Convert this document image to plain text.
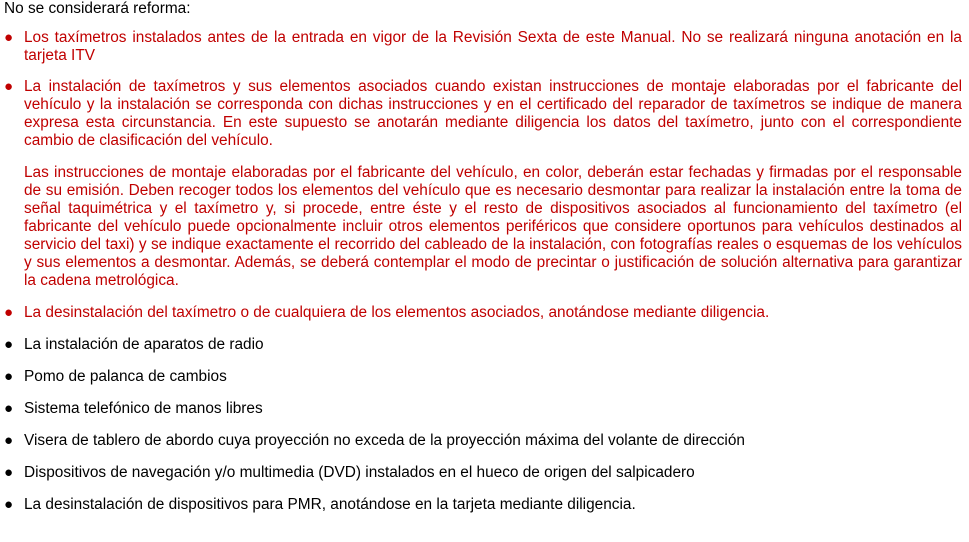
No se considerará reforma:

● Los taxímetros instalados antes de la entrada en vigor de la Revisión Sexta de este Manual. No se realizará ninguna anotación en la tarjeta ITV
● La instalación de taxímetros y sus elementos asociados cuando existan instrucciones de montaje elaboradas por el fabricante del vehículo y la instalación se corresponda con dichas instrucciones y en el certificado del reparador de taxímetros se indique de manera expresa esta circunstancia. En este supuesto se anotarán mediante diligencia los datos del taxímetro, junto con el correspondiente cambio de clasificación del vehículo.
Las instrucciones de montaje elaboradas por el fabricante del vehículo, en color, deberán estar fechadas y firmadas por el responsable de su emisión. Deben recoger todos los elementos del vehículo que es necesario desmontar para realizar la instalación entre la toma de señal taquimétrica y el taxímetro y, si procede, entre éste y el resto de dispositivos asociados al funcionamiento del taxímetro (el fabricante del vehículo puede opcionalmente incluir otros elementos periféricos que considere oportunos para vehículos destinados al servicio del taxi) y se indique exactamente el recorrido del cableado de la instalación, con fotografías reales o esquemas de los vehículos y sus elementos a desmontar. Además, se deberá contemplar el modo de precintar o justificación de solución alternativa para garantizar la cadena metrológica.
● La desinstalación del taxímetro o de cualquiera de los elementos asociados, anotándose mediante diligencia.
● La instalación de aparatos de radio
● Pomo de palanca de cambios
● Sistema telefónico de manos libres
● Visera de tablero de abordo cuya proyección no exceda de la proyección máxima del volante de dirección
● Dispositivos de navegación y/o multimedia (DVD) instalados en el hueco de origen del salpicadero
● La desinstalación de dispositivos para PMR, anotándose en la tarjeta mediante diligencia.
